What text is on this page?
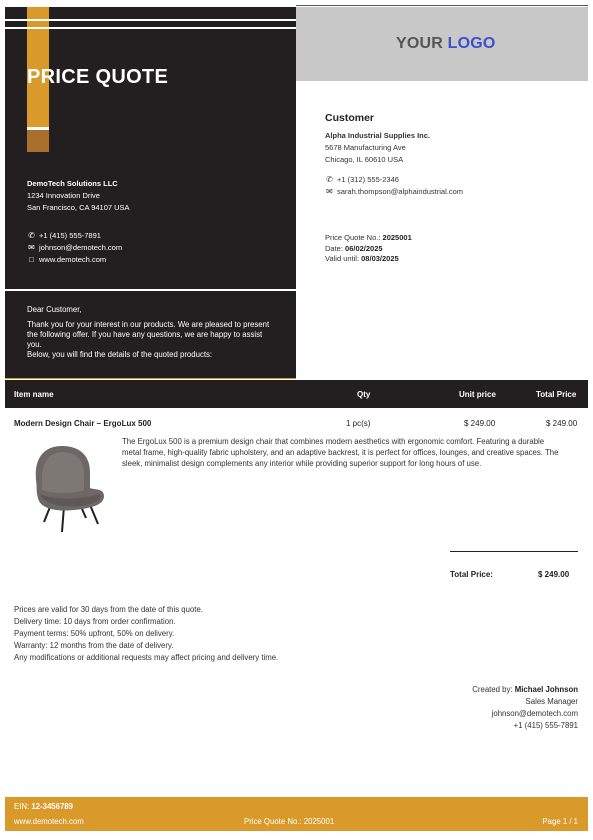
PRICE QUOTE
DemoTech Solutions LLC
1234 Innovation Drive
San Francisco, CA 94107 USA
✆ +1 (415) 555-7891
✉ johnson@demotech.com
□ www.demotech.com
YOUR LOGO
Customer
Alpha Industrial Supplies Inc.
5678 Manufacturing Ave
Chicago, IL 60610 USA
✆ +1 (312) 555-2346
✉ sarah.thompson@alphaindustrial.com
Price Quote No.: 2025001
Date: 06/02/2025
Valid until: 08/03/2025
Dear Customer,
Thank you for your interest in our products. We are pleased to present the following offer. If you have any questions, we are happy to assist you.
Below, you will find the details of the quoted products:
Item name	Qty	Unit price	Total Price
Modern Design Chair – ErgoLux 500	1 pc(s)	$ 249.00	$ 249.00
The ErgoLux 500 is a premium design chair that combines modern aesthetics with ergonomic comfort. Featuring a durable metal frame, high-quality fabric upholstery, and an adaptive backrest, it is perfect for offices, lounges, and creative spaces. The sleek, minimalist design complements any interior while providing superior support for long hours of use.
Total Price:	$ 249.00
Prices are valid for 30 days from the date of this quote.
Delivery time: 10 days from order confirmation.
Payment terms: 50% upfront, 50% on delivery.
Warranty: 12 months from the date of delivery.
Any modifications or additional requests may affect pricing and delivery time.
Created by: Michael Johnson
Sales Manager
johnson@demotech.com
+1 (415) 555-7891
EIN: 12-3456789
www.demotech.com	Price Quote No.: 2025001	Page 1 / 1
